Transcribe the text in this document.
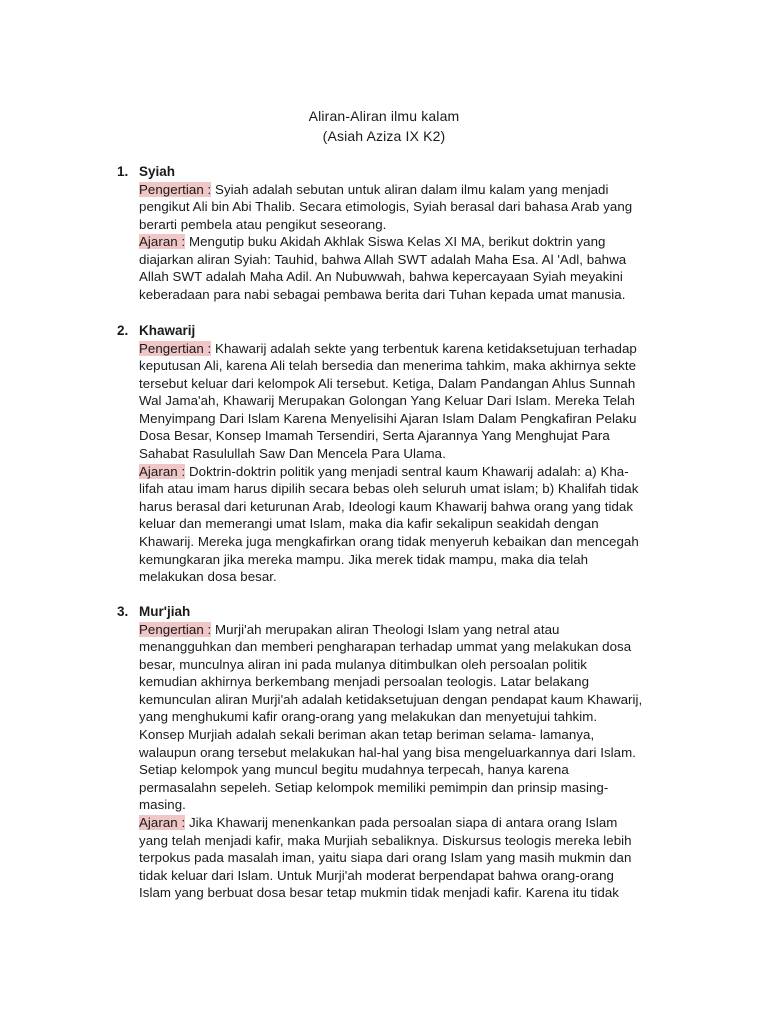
Aliran-Aliran ilmu kalam
(Asiah Aziza IX K2)
1. Syiah
Pengertian : Syiah adalah sebutan untuk aliran dalam ilmu kalam yang menjadi
pengikut Ali bin Abi Thalib. Secara etimologis, Syiah berasal dari bahasa Arab yang
berarti pembela atau pengikut seseorang.
Ajaran : Mengutip buku Akidah Akhlak Siswa Kelas XI MA, berikut doktrin yang
diajarkan aliran Syiah: Tauhid, bahwa Allah SWT adalah Maha Esa. Al 'Adl, bahwa
Allah SWT adalah Maha Adil. An Nubuwwah, bahwa kepercayaan Syiah meyakini
keberadaan para nabi sebagai pembawa berita dari Tuhan kepada umat manusia.
2. Khawarij
Pengertian : Khawarij adalah sekte yang terbentuk karena ketidaksetujuan terhadap
keputusan Ali, karena Ali telah bersedia dan menerima tahkim, maka akhirnya sekte
tersebut keluar dari kelompok Ali tersebut. Ketiga, Dalam Pandangan Ahlus Sunnah
Wal Jama'ah, Khawarij Merupakan Golongan Yang Keluar Dari Islam. Mereka Telah
Menyimpang Dari Islam Karena Menyelisihi Ajaran Islam Dalam Pengkafiran Pelaku
Dosa Besar, Konsep Imamah Tersendiri, Serta Ajarannya Yang Menghujat Para
Sahabat Rasulullah Saw Dan Mencela Para Ulama.
Ajaran : Doktrin-doktrin politik yang menjadi sentral kaum Khawarij adalah: a) Kha-
lifah atau imam harus dipilih secara bebas oleh seluruh umat islam; b) Khalifah tidak
harus berasal dari keturunan Arab, Ideologi kaum Khawarij bahwa orang yang tidak
keluar dan memerangi umat Islam, maka dia kafir sekalipun seakidah dengan
Khawarij. Mereka juga mengkafirkan orang tidak menyeruh kebaikan dan mencegah
kemungkaran jika mereka mampu. Jika merek tidak mampu, maka dia telah
melakukan dosa besar.
3. Mur'jiah
Pengertian : Murji'ah merupakan aliran Theologi Islam yang netral atau
menangguhkan dan memberi pengharapan terhadap ummat yang melakukan dosa
besar, munculnya aliran ini pada mulanya ditimbulkan oleh persoalan politik
kemudian akhirnya berkembang menjadi persoalan teologis. Latar belakang
kemunculan aliran Murji'ah adalah ketidaksetujuan dengan pendapat kaum Khawarij,
yang menghukumi kafir orang-orang yang melakukan dan menyetujui tahkim.
Konsep Murjiah adalah sekali beriman akan tetap beriman selama- lamanya,
walaupun orang tersebut melakukan hal-hal yang bisa mengeluarkannya dari Islam.
Setiap kelompok yang muncul begitu mudahnya terpecah, hanya karena
permasalahn sepeleh. Setiap kelompok memiliki pemimpin dan prinsip masing-
masing.
Ajaran : Jika Khawarij menenkankan pada persoalan siapa di antara orang Islam
yang telah menjadi kafir, maka Murjiah sebaliknya. Diskursus teologis mereka lebih
terpokus pada masalah iman, yaitu siapa dari orang Islam yang masih mukmin dan
tidak keluar dari Islam. Untuk Murji'ah moderat berpendapat bahwa orang-orang
Islam yang berbuat dosa besar tetap mukmin tidak menjadi kafir. Karena itu tidak
